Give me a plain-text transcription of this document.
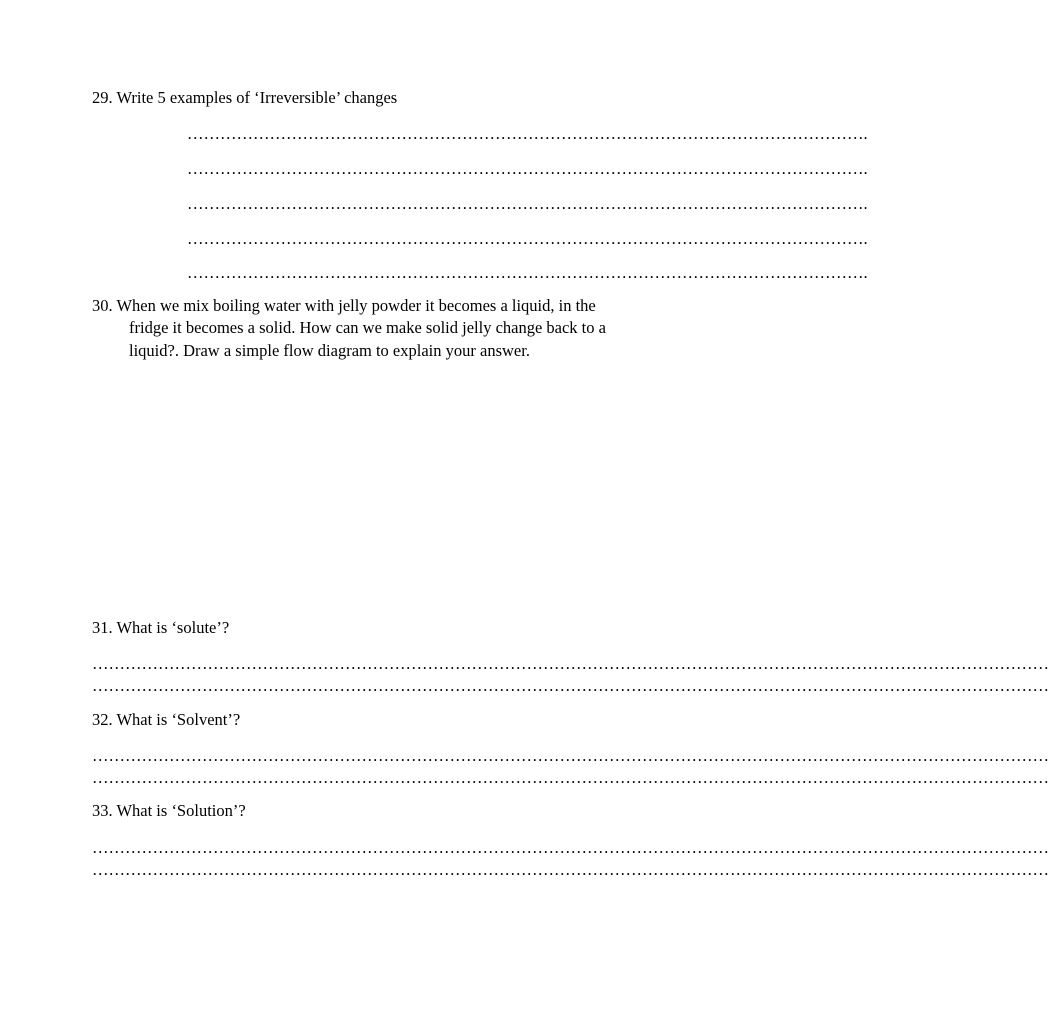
29. Write 5 examples of ‘Irreversible’ changes
…………………………………………………………………………………………………………….
…………………………………………………………………………………………………………….
…………………………………………………………………………………………………………….
…………………………………………………………………………………………………………….
…………………………………………………………………………………………………………….
30. When we mix boiling water with jelly powder it becomes a liquid, in the
fridge it becomes a solid. How can we make solid jelly change back to a
liquid?. Draw a simple flow diagram to explain your answer.
31. What is ‘solute’?
…………………………………………………………………………………………………………………………………………………………
…………………………………………………………………………………………………………………………………………………………
32. What is ‘Solvent’?
…………………………………………………………………………………………………………………………………………………………
…………………………………………………………………………………………………………………………………………………………
33. What is ‘Solution’?
…………………………………………………………………………………………………………………………………………………………
…………………………………………………………………………………………………………………………………………………………
